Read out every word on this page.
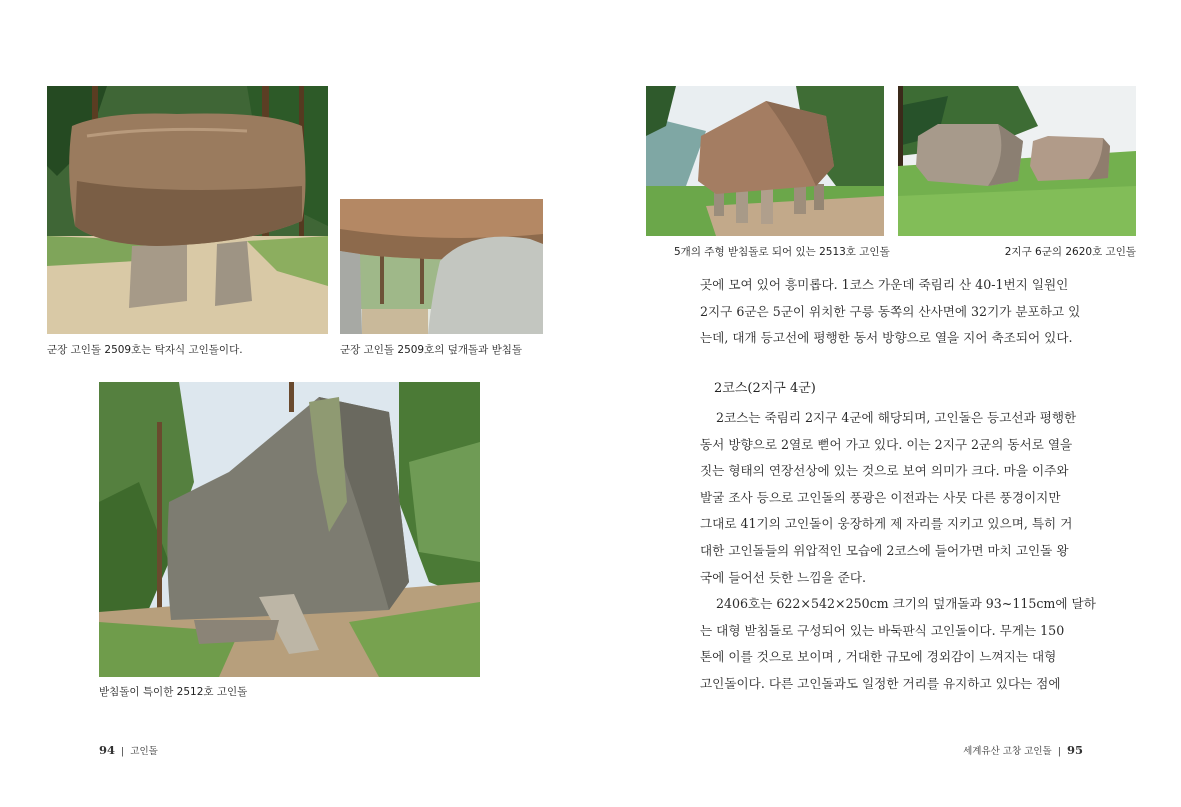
군장 고인돌 2509호는 탁자식 고인돌이다.	군장 고인돌 2509호의 덮개돌과 받침돌
받침돌이 특이한 2512호 고인돌
94 | 고인돌
5개의 주형 받침돌로 되어 있는 2513호 고인돌	2지구 6군의 2620호 고인돌

곳에 모여 있어 흥미롭다. 1코스 가운데 죽림리 산 40-1번지 일원인

2지구 6군은 5군이 위치한 구릉 동쪽의 산사면에 32기가 분포하고 있

는데, 대개 등고선에 평행한 동서 방향으로 열을 지어 축조되어 있다.

2코스(2지구 4군)

2코스는 죽림리 2지구 4군에 해당되며, 고인돌은 등고선과 평행한

동서 방향으로 2열로 뻗어 가고 있다. 이는 2지구 2군의 동서로 열을

짓는 형태의 연장선상에 있는 것으로 보여 의미가 크다. 마을 이주와

발굴 조사 등으로 고인돌의 풍광은 이전과는 사뭇 다른 풍경이지만

그대로 41기의 고인돌이 웅장하게 제 자리를 지키고 있으며, 특히 거

대한 고인돌들의 위압적인 모습에 2코스에 들어가면 마치 고인돌 왕

국에 들어선 듯한 느낌을 준다.

2406호는 622×542×250cm 크기의 덮개돌과 93~115cm에 달하

는 대형 받침돌로 구성되어 있는 바둑판식 고인돌이다. 무게는 150

톤에 이를 것으로 보이며 , 거대한 규모에 경외감이 느껴지는 대형

고인돌이다. 다른 고인돌과도 일정한 거리를 유지하고 있다는 점에

세계유산 고창 고인돌 | 95
